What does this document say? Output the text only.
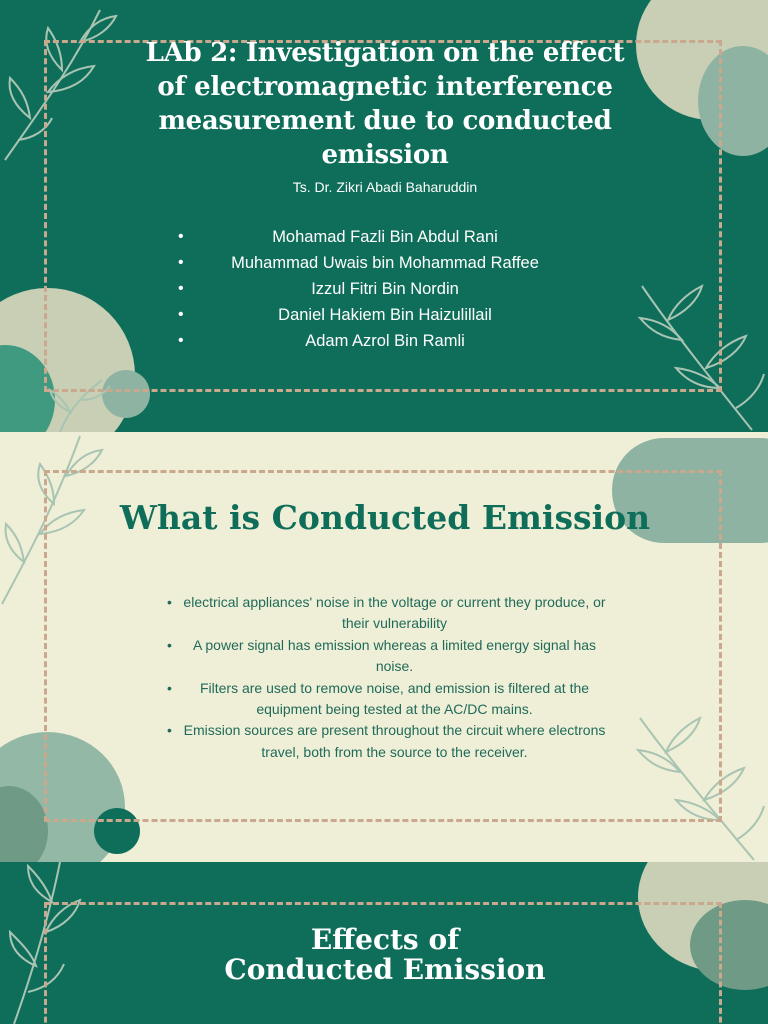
LAb 2: Investigation on the effect of electromagnetic interference measurement due to conducted emission
Ts. Dr. Zikri Abadi Baharuddin
• Mohamad Fazli Bin Abdul Rani
• Muhammad Uwais bin Mohammad Raffee
• Izzul Fitri Bin Nordin
• Daniel Hakiem Bin Haizulillail
• Adam Azrol Bin Ramli
What is Conducted Emission
• electrical appliances' noise in the voltage or current they produce, or their vulnerability
• A power signal has emission whereas a limited energy signal has noise.
• Filters are used to remove noise, and emission is filtered at the equipment being tested at the AC/DC mains.
• Emission sources are present throughout the circuit where electrons travel, both from the source to the receiver.
Effects of
Conducted Emission
